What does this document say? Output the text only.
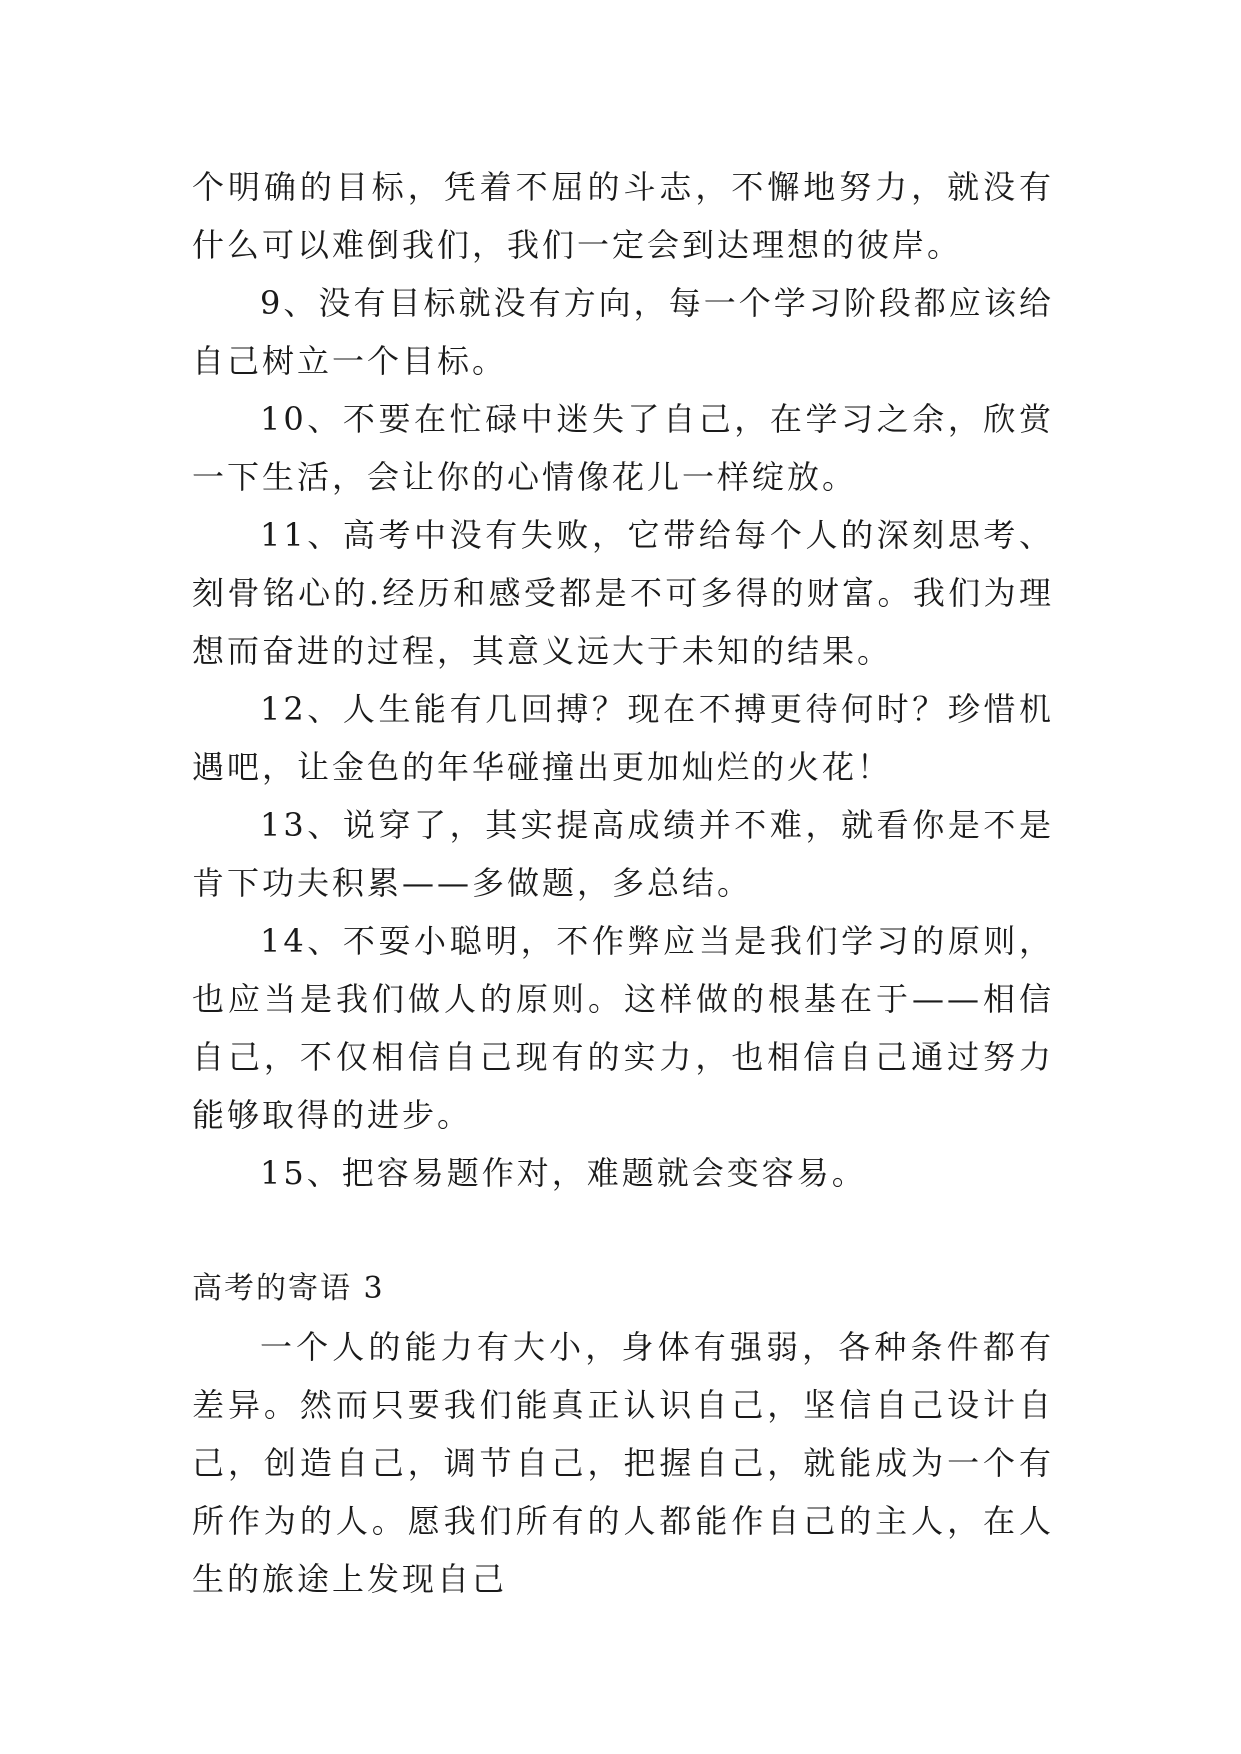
个明确的目标，凭着不屈的斗志，不懈地努力，就没有什么可以难倒我们，我们一定会到达理想的彼岸。

9、没有目标就没有方向，每一个学习阶段都应该给自己树立一个目标。

10、不要在忙碌中迷失了自己，在学习之余，欣赏一下生活，会让你的心情像花儿一样绽放。

11、高考中没有失败，它带给每个人的深刻思考、刻骨铭心的.经历和感受都是不可多得的财富。我们为理想而奋进的过程，其意义远大于未知的结果。

12、人生能有几回搏？现在不搏更待何时？珍惜机遇吧，让金色的年华碰撞出更加灿烂的火花！

13、说穿了，其实提高成绩并不难，就看你是不是肯下功夫积累——多做题，多总结。

14、不耍小聪明，不作弊应当是我们学习的原则，也应当是我们做人的原则。这样做的根基在于——相信自己，不仅相信自己现有的实力，也相信自己通过努力能够取得的进步。

15、把容易题作对，难题就会变容易。

高考的寄语 3

一个人的能力有大小，身体有强弱，各种条件都有差异。然而只要我们能真正认识自己，坚信自己设计自己，创造自己，调节自己，把握自己，就能成为一个有所作为的人。愿我们所有的人都能作自己的主人，在人生的旅途上发现自己
